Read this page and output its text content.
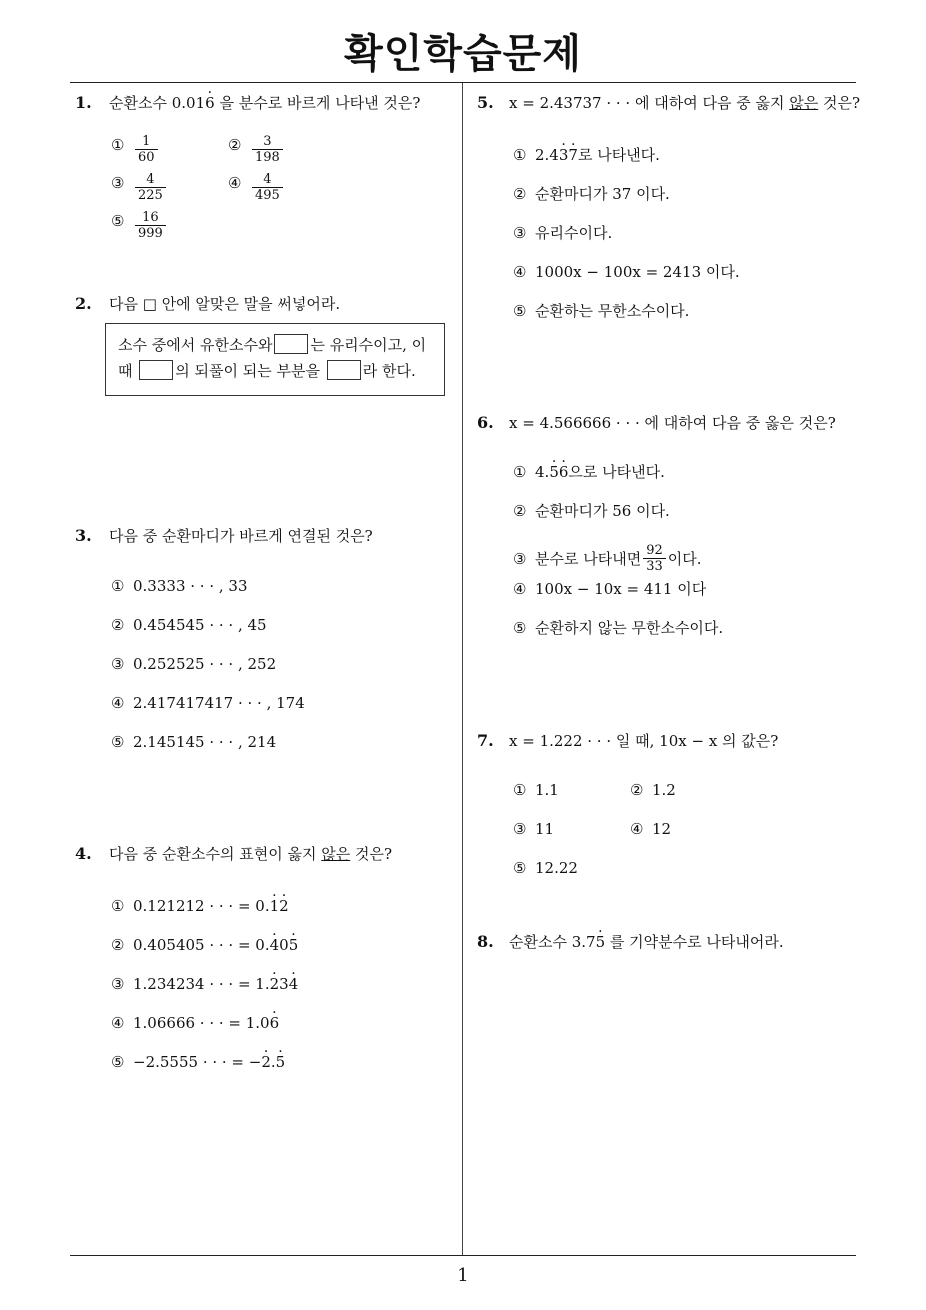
확인학습문제
1. 순환소수 0.01· 6 을 분수로 바르게 나타낸 것은?
① $\frac{1}{60}$	② $\frac{3}{198}$
③ $\frac{4}{225}$	④ $\frac{4}{495}$
⑤ $\frac{16}{999}$
2. 다음 □ 안에 알맞은 말을 써넣어라.
소수 중에서 유한소수와	는 유리수이고, 이
때	의 되풀이 되는 부분을	라 한다.
3. 다음 중 순환마디가 바르게 연결된 것은?
① 0.3333 · · · , 33
② 0.454545 · · · , 45
③ 0.252525 · · · , 252
④ 2.417417417 · · · , 174
⑤ 2.145145 · · · , 214
4. 다음 중 순환소수의 표현이 옳지 않은 것은?
① 0.121212 · · · = 0.· 1· 2
② 0.405405 · · · = 0.· 40· 5
③ 1.234234 · · · = 1.· 23· 4
④ 1.06666 · · · = 1.0· 6
⑤ −2.5555 · · · = −· 2.· 5
5. x = 2.43737 · · · 에 대하여 다음 중 옳지 않은 것은?
① 2.4· 3· 7로 나타낸다.
② 순환마디가 37 이다.
③ 유리수이다.
④ 1000x − 100x = 2413 이다.
⑤ 순환하는 무한소수이다.
6. x = 4.566666 · · · 에 대하여 다음 중 옳은 것은?
① 4.· 5· 6으로 나타낸다.
② 순환마디가 56 이다.
③ 분수로 나타내면 $\frac{92}{33}$ 이다.
④ 100x − 10x = 411 이다
⑤ 순환하지 않는 무한소수이다.
7. x = 1.222 · · · 일 때, 10x − x 의 값은?
① 1.1	② 1.2
③ 11	④ 12
⑤ 12.22
8. 순환소수 3.7· 5 를 기약분수로 나타내어라.
1
